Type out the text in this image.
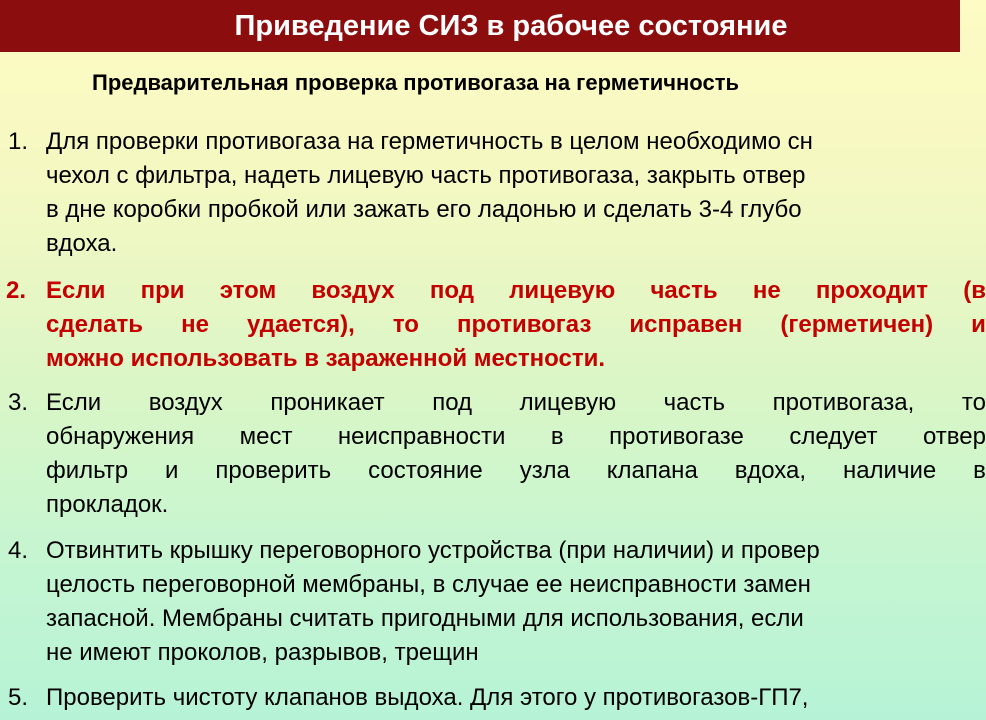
Приведение СИЗ в рабочее состояние
Предварительная проверка противогаза на герметичность
1. Для проверки противогаза на герметичность в целом необходимо сн
чехол с фильтра, надеть лицевую часть противогаза, закрыть отвер
в дне коробки пробкой или зажать его ладонью и сделать 3-4 глубо
вдоха.
2. Если при этом воздух под лицевую часть не проходит (в
сделать не удается), то противогаз исправен (герметичен) и
можно использовать в зараженной местности.
3. Если воздух проникает под лицевую часть противогаза, то
обнаружения мест неисправности в противогазе следует отвер
фильтр и проверить состояние узла клапана вдоха, наличие в
прокладок.
4. Отвинтить крышку переговорного устройства (при наличии) и провер
целость переговорной мембраны, в случае ее неисправности замен
запасной. Мембраны считать пригодными для использования, если
не имеют проколов, разрывов, трещин
5. Проверить чистоту клапанов выдоха. Для этого у противогазов-ГП7,
